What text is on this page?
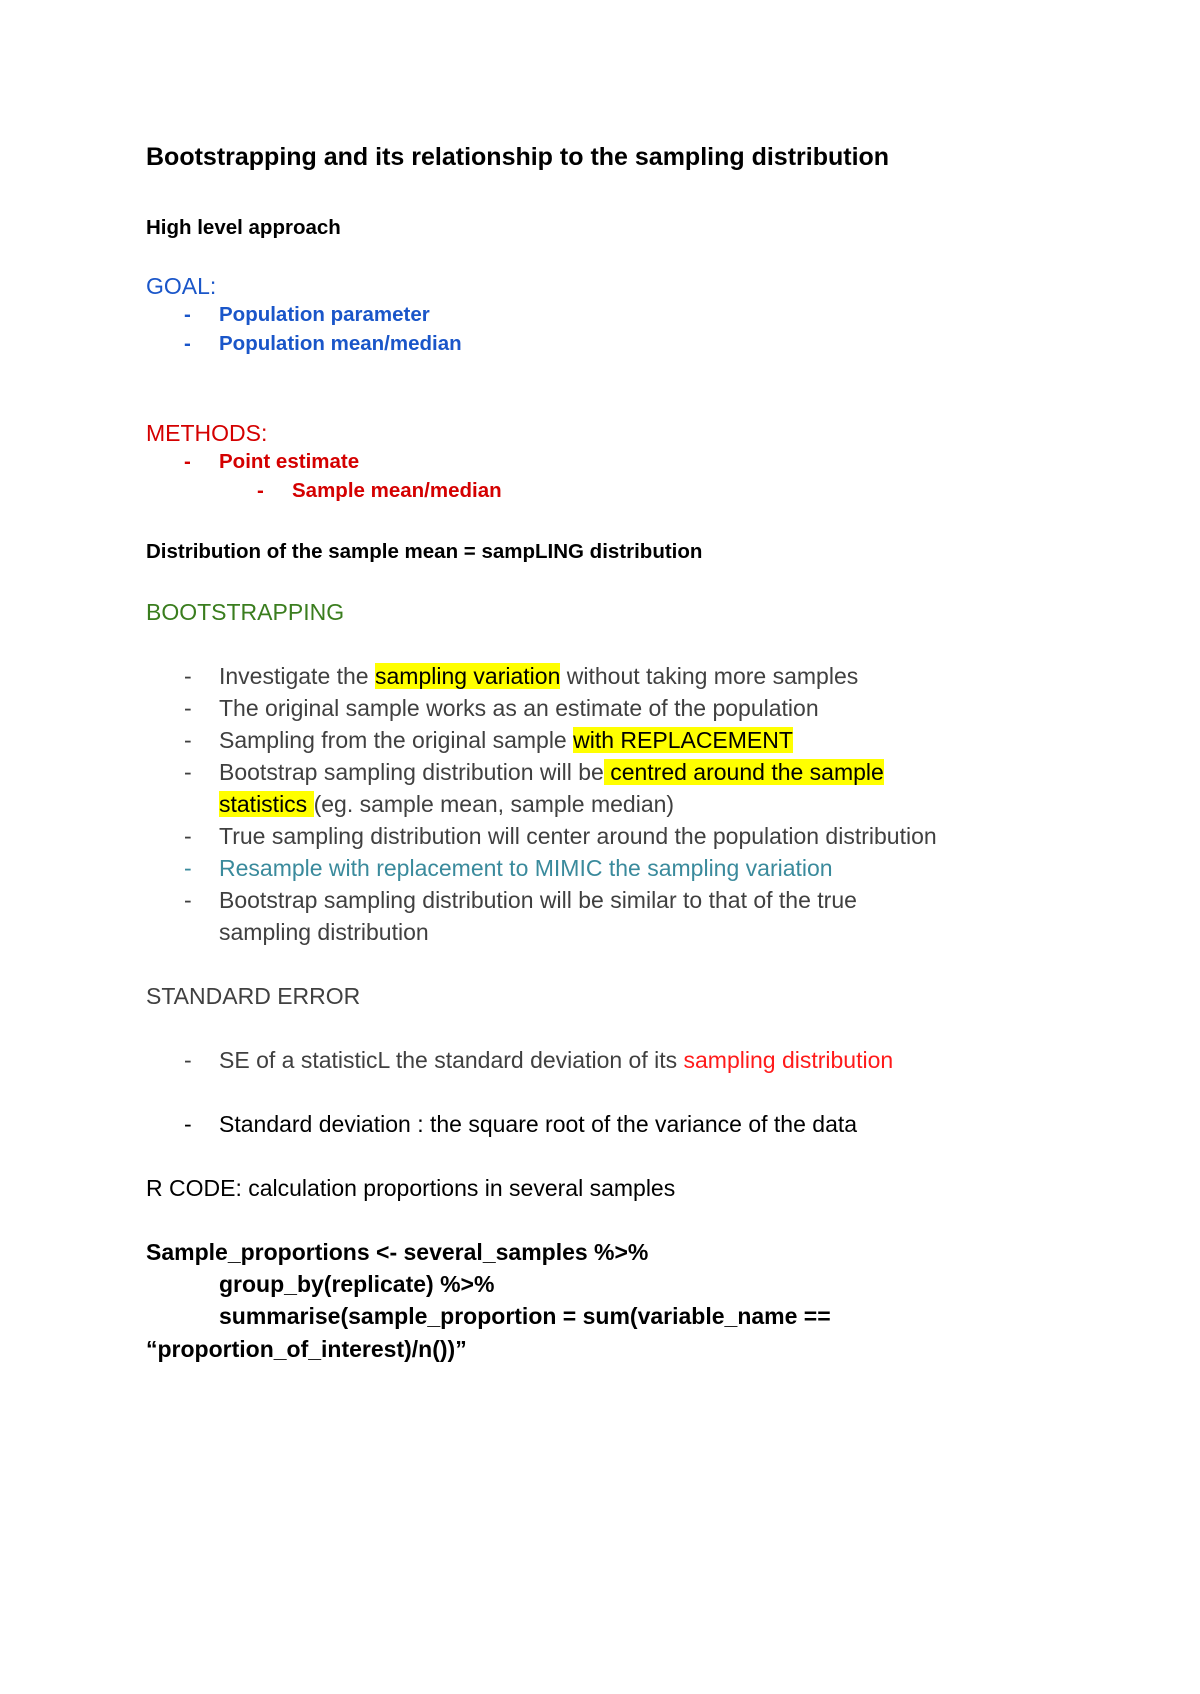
Bootstrapping and its relationship to the sampling distribution
High level approach
GOAL:
- Population parameter
- Population mean/median
METHODS:
- Point estimate
- Sample mean/median
Distribution of the sample mean = sampLING distribution
BOOTSTRAPPING
- Investigate the sampling variation without taking more samples
- The original sample works as an estimate of the population
- Sampling from the original sample with REPLACEMENT
- Bootstrap sampling distribution will be centred around the sample
statistics (eg. sample mean, sample median)
- True sampling distribution will center around the population distribution
- Resample with replacement to MIMIC the sampling variation
- Bootstrap sampling distribution will be similar to that of the true
sampling distribution
STANDARD ERROR
- SE of a statisticL the standard deviation of its sampling distribution
- Standard deviation : the square root of the variance of the data
R CODE: calculation proportions in several samples
Sample_proportions <- several_samples %>%
group_by(replicate) %>%
summarise(sample_proportion = sum(variable_name ==
“proportion_of_interest)/n())”
